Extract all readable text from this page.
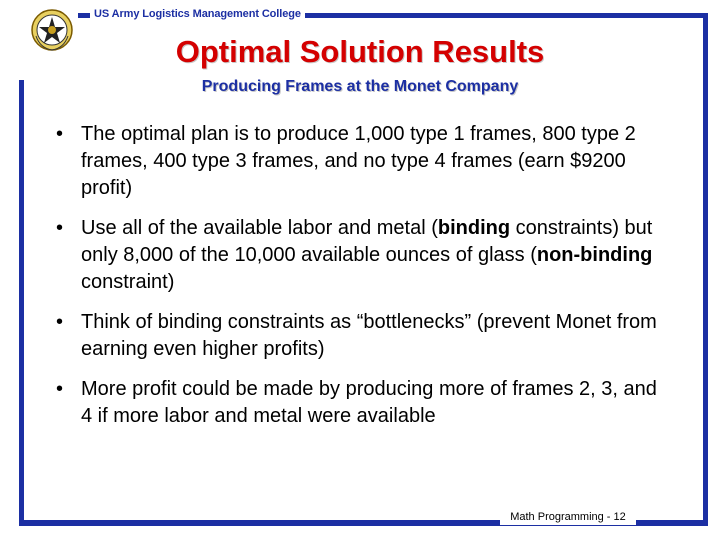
US Army Logistics Management College
Optimal Solution Results
Producing Frames at the Monet Company
• The optimal plan is to produce 1,000 type 1 frames, 800 type 2 frames, 400 type 3 frames, and no type 4 frames (earn $9200 profit)
• Use all of the available labor and metal (binding constraints) but only 8,000 of the 10,000 available ounces of glass (non-binding constraint)
• Think of binding constraints as “bottlenecks” (prevent Monet from earning even higher profits)
• More profit could be made by producing more of frames 2, 3, and 4 if more labor and metal were available
Math Programming - 12
